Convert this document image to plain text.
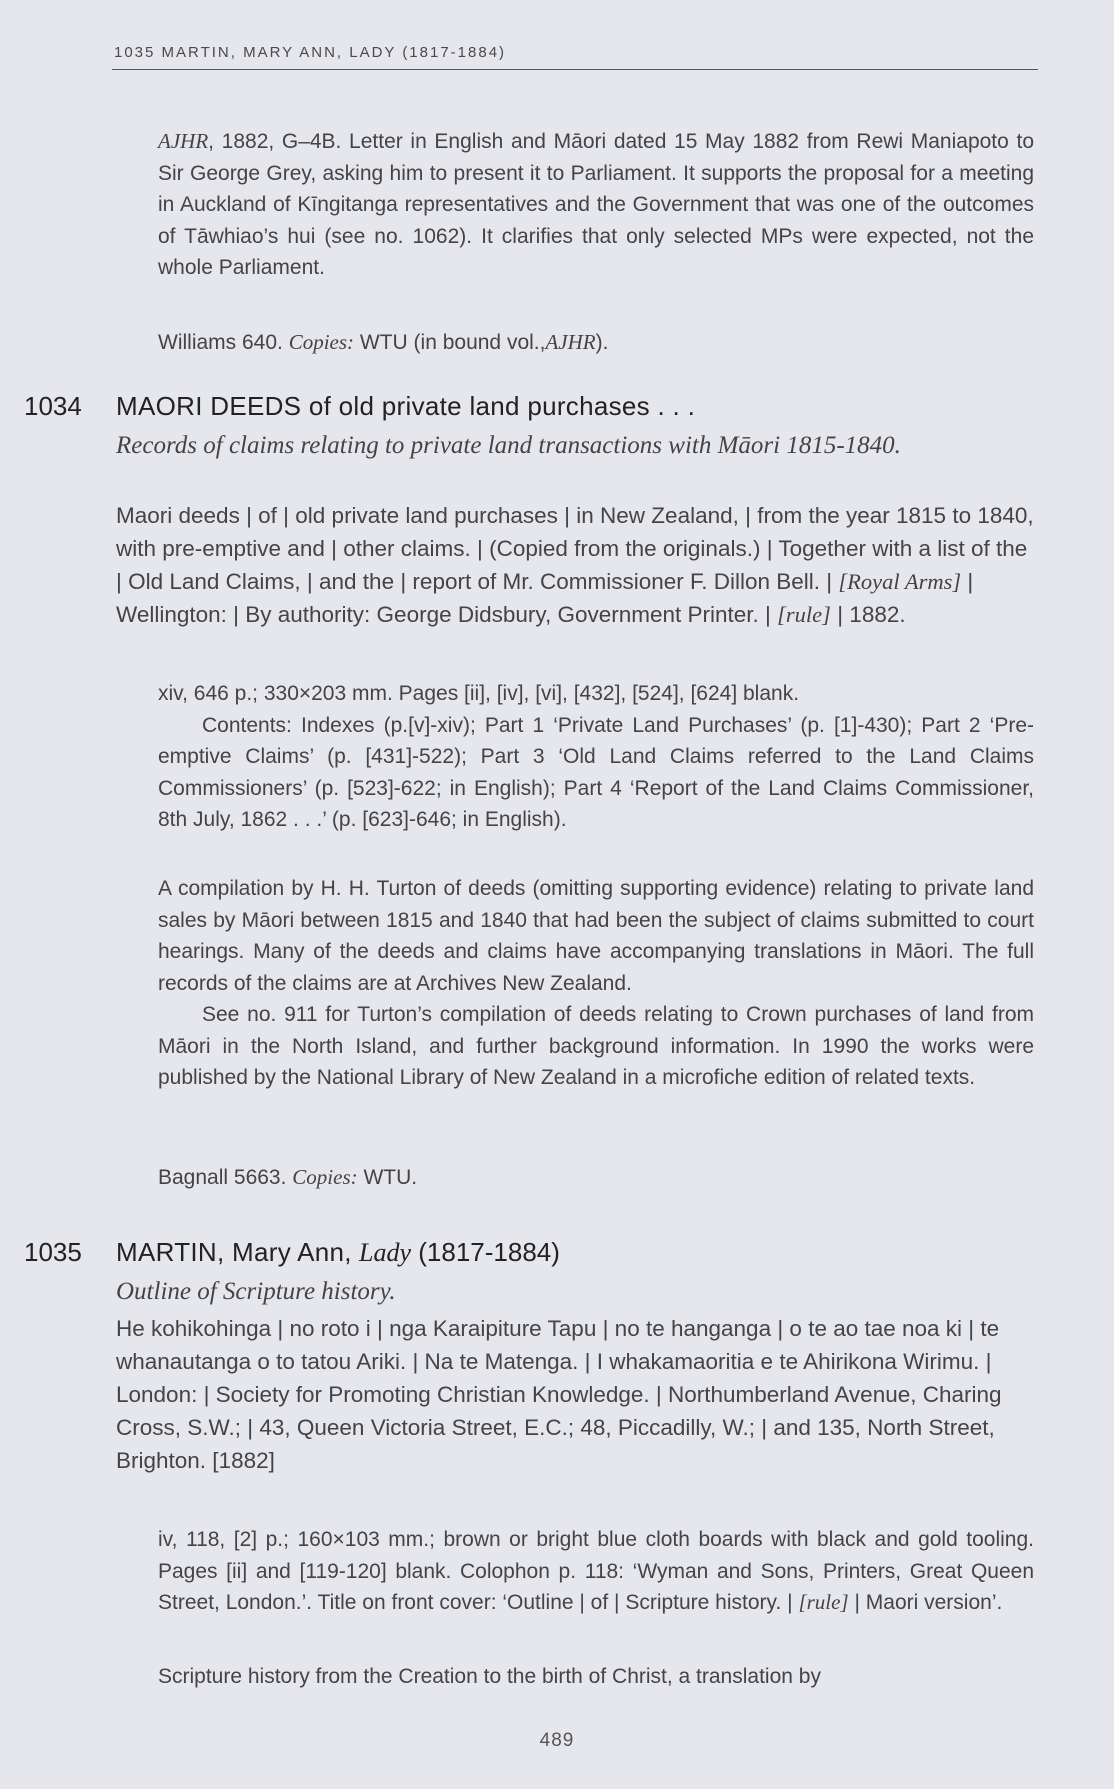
1035 MARTIN, MARY ANN, LADY (1817-1884)
AJHR, 1882, G–4B. Letter in English and Māori dated 15 May 1882 from Rewi Maniapoto to Sir George Grey, asking him to present it to Parliament. It supports the proposal for a meeting in Auckland of Kīngitanga representatives and the Government that was one of the outcomes of Tāwhiao’s hui (see no. 1062). It clarifies that only selected MPs were expected, not the whole Parliament.
Williams 640. Copies: WTU (in bound vol.,AJHR).
1034 MAORI DEEDS of old private land purchases . . .
Records of claims relating to private land transactions with Māori 1815-1840.
Maori deeds | of | old private land purchases | in New Zealand, | from the year 1815 to 1840, with pre-emptive and | other claims. | (Copied from the originals.) | Together with a list of the | Old Land Claims, | and the | report of Mr. Commissioner F. Dillon Bell. | [Royal Arms] | Wellington: | By authority: George Didsbury, Government Printer. | [rule] | 1882.

xiv, 646 p.; 330×203 mm. Pages [ii], [iv], [vi], [432], [524], [624] blank.

Contents: Indexes (p.[v]-xiv); Part 1 ‘Private Land Purchases’ (p. [1]-430); Part 2 ‘Pre-emptive Claims’ (p. [431]-522); Part 3 ‘Old Land Claims referred to the Land Claims Commissioners’ (p. [523]-622; in English); Part 4 ‘Report of the Land Claims Commissioner, 8th July, 1862 . . .’ (p. [623]-646; in English).

A compilation by H. H. Turton of deeds (omitting supporting evidence) relating to private land sales by Māori between 1815 and 1840 that had been the subject of claims submitted to court hearings. Many of the deeds and claims have accompanying translations in Māori. The full records of the claims are at Archives New Zealand.

See no. 911 for Turton’s compilation of deeds relating to Crown purchases of land from Māori in the North Island, and further background information. In 1990 the works were published by the National Library of New Zealand in a microfiche edition of related texts.

Bagnall 5663. Copies: WTU.
1035 MARTIN, Mary Ann, Lady (1817-1884)
Outline of Scripture history.
He kohikohinga | no roto i | nga Karaipiture Tapu | no te hanganga | o te ao tae noa ki | te whanautanga o to tatou Ariki. | Na te Matenga. | I whakamaoritia e te Ahirikona Wirimu. | London: | Society for Promoting Christian Knowledge. | Northumberland Avenue, Charing Cross, S.W.; | 43, Queen Victoria Street, E.C.; 48, Piccadilly, W.; | and 135, North Street, Brighton. [1882]
iv, 118, [2] p.; 160×103 mm.; brown or bright blue cloth boards with black and gold tooling. Pages [ii] and [119-120] blank. Colophon p. 118: ‘Wyman and Sons, Printers, Great Queen Street, London.’. Title on front cover: ‘Outline | of | Scripture history. | [rule] | Maori version’.

Scripture history from the Creation to the birth of Christ, a translation by

489
